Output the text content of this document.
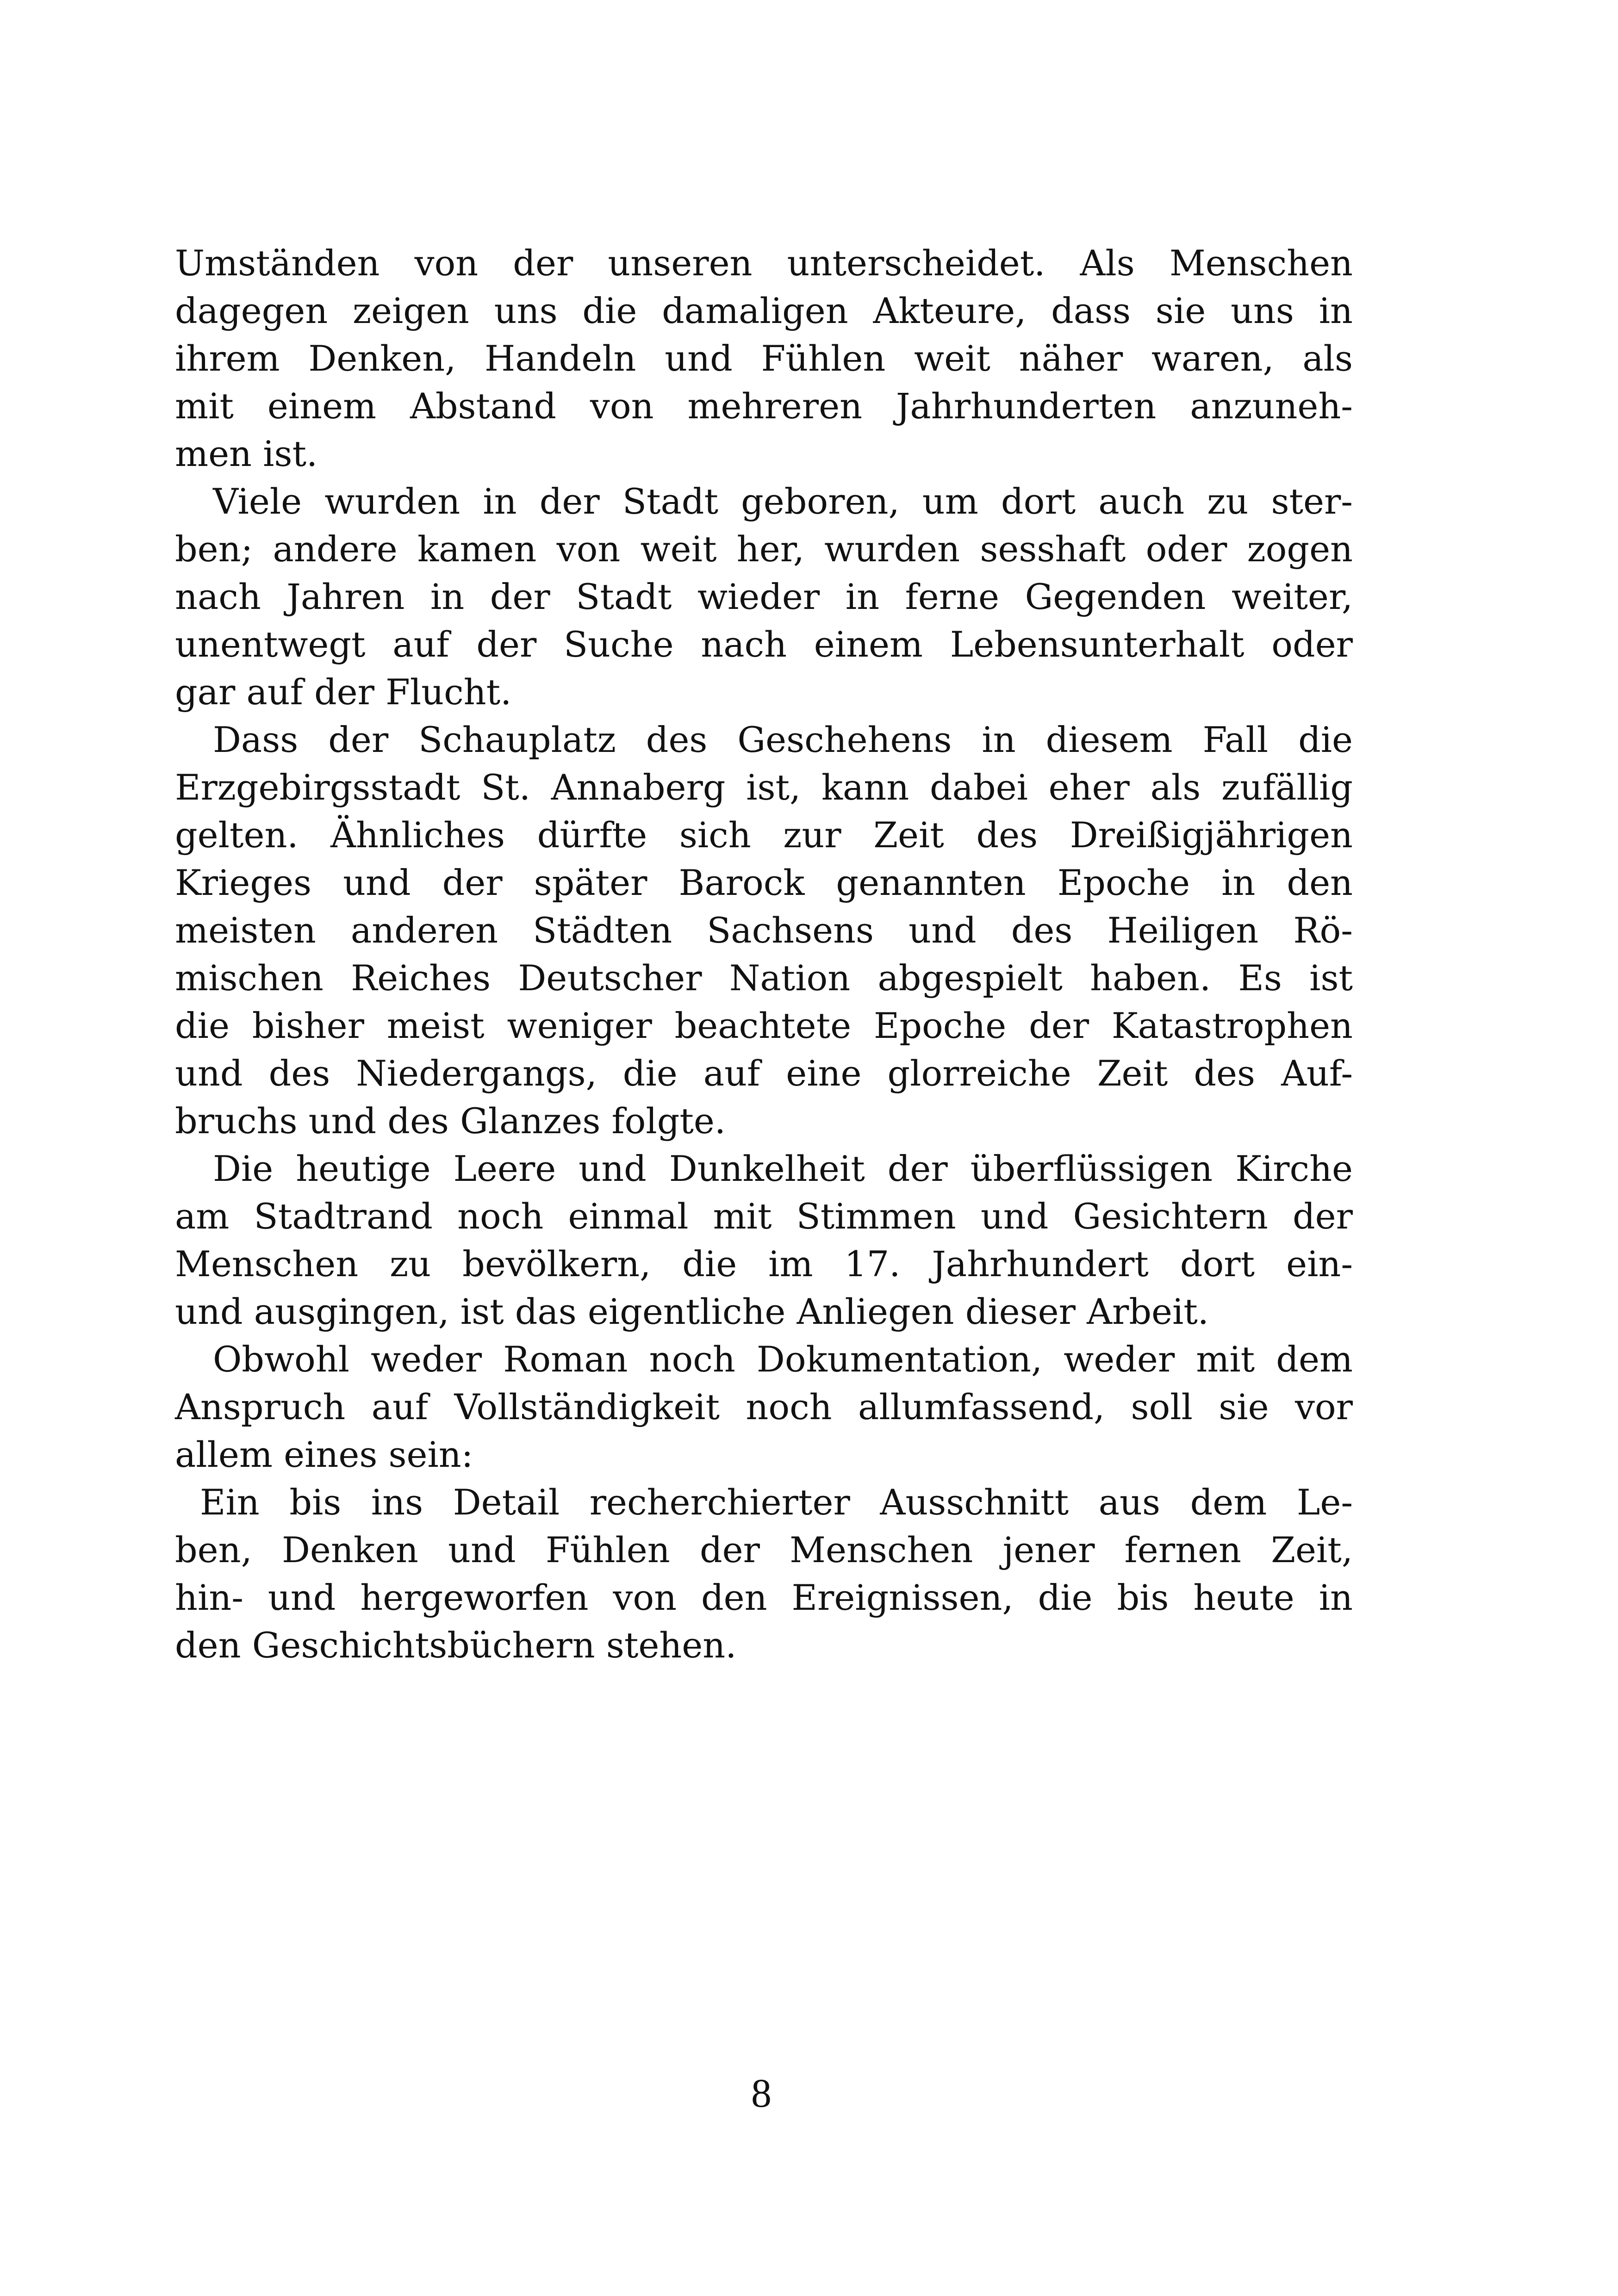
Umständen von der unseren unterscheidet. Als Menschen
dagegen zeigen uns die damaligen Akteure, dass sie uns in
ihrem Denken, Handeln und Fühlen weit näher waren, als
mit einem Abstand von mehreren Jahrhunderten anzuneh-
men ist.
Viele wurden in der Stadt geboren, um dort auch zu ster-
ben; andere kamen von weit her, wurden sesshaft oder zogen
nach Jahren in der Stadt wieder in ferne Gegenden weiter,
unentwegt auf der Suche nach einem Lebensunterhalt oder
gar auf der Flucht.
Dass der Schauplatz des Geschehens in diesem Fall die
Erzgebirgsstadt St. Annaberg ist, kann dabei eher als zufällig
gelten. Ähnliches dürfte sich zur Zeit des Dreißigjährigen
Krieges und der später Barock genannten Epoche in den
meisten anderen Städten Sachsens und des Heiligen Rö-
mischen Reiches Deutscher Nation abgespielt haben. Es ist
die bisher meist weniger beachtete Epoche der Katastrophen
und des Niedergangs, die auf eine glorreiche Zeit des Auf-
bruchs und des Glanzes folgte.
Die heutige Leere und Dunkelheit der überflüssigen Kirche
am Stadtrand noch einmal mit Stimmen und Gesichtern der
Menschen zu bevölkern, die im 17. Jahrhundert dort ein-
und ausgingen, ist das eigentliche Anliegen dieser Arbeit.
Obwohl weder Roman noch Dokumentation, weder mit dem
Anspruch auf Vollständigkeit noch allumfassend, soll sie vor
allem eines sein:
Ein bis ins Detail recherchierter Ausschnitt aus dem Le-
ben, Denken und Fühlen der Menschen jener fernen Zeit,
hin- und hergeworfen von den Ereignissen, die bis heute in
den Geschichtsbüchern stehen.
8
